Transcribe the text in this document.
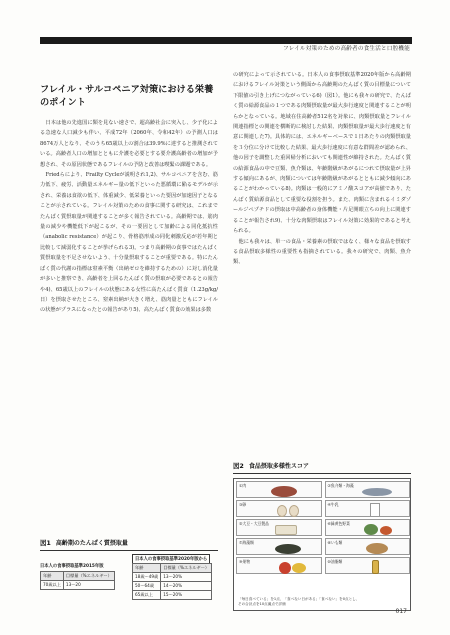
フレイル対策のための高齢者の食生活と口腔機能
フレイル・サルコペニア対策における栄養
のポイント

日本は他の先進国に類を見ない速さで、超高齢社会に突入し、少子化による急速な人口減少も伴い、平成72年（2060年、令和42年）の予測人口は8674万人となり、そのうち65歳以上の割合は39.9%に達すると推測されている。高齢者人口の増加とともに介護を必要とする要介護高齢者の増加が予想され、その原因状態であるフレイルの予防と改善は喫緊の課題である。

Friedらにより、Frailty Cycleが説明され1,2)、サルコペニアを含む、筋力低下、疲労、活動量エネルギー量の低下といった悪循環に陥るモデルが示され、栄養は食欲の低下、体重減少、低栄養といった要因が加速因子となることが示されている。フレイル対策のための食事に関する研究は、これまでたんぱく質摂取量が関連することが多く報告されている。高齢期では、筋肉量の減少や機能低下が起こるが、その一要因として加齢による同化抵抗性（anabolic resistance）が起こり、骨格筋形成の同化刺激反応が若年期と比較して減弱化することが挙げられる3)。つまり高齢期の食事ではたんぱく質摂取量を不足させないよう、十分量摂取することが重要である。特にたんぱく質の代謝の指標は窒素平衡（出納ゼロを維持するための）に対し消化量が多いと推察でき、高齢者を上回るたんぱく質の摂取が必要であるとの報告や4)、65歳以上のフレイルの状態にある女性に高たんぱく質食（1.23g/kg/日）を摂取させたところ、窒素出納が大きく増え、筋肉量とともにフレイルの状態がプラスになったとの報告があり5)、高たんぱく質食の効果は多数

図1 高齢期のたんぱく質摂取量
日本人の食事摂取基準2015年版
年齢	目標量（%エネルギー）
70歳以上	13〜20
日本人の食事摂取基準2020年版から
年齢	目標量（%エネルギー）
18歳〜49歳	13〜20%
50〜64歳	14〜20%
65歳以上	15〜20%

の研究によって示されている。日本人の食事摂取基準2020年版から高齢期におけるフレイル対策という側面から高齢期のたんぱく質の目標量について下限値の引き上げにつながっている6)（図1）。他にも我々の研究で、たんぱく質の給源食品の１つである肉類摂取量が最大歩行速度と関連することが明らかとなっている。地域在住高齢者512名を対象に、肉類摂取量とフレイル関連指標との関連を横断的に検討した結果、肉類摂取量が最大歩行速度と有意に関連した7)。具体的には、エネルギーベースで１日あたりの肉類摂取量を３分位に分けて比較した結果、最大歩行速度に有意な群間差が認められ、他の因子を調整した重回帰分析においても関連性が維持された。たんぱく質の給源食品の中で豆類、魚介類は、年齢階級があがるにつれて摂取量が上昇する傾向にあるが、肉類については年齢階級があがるとともに減少傾向にあることがわかっている8)。肉類は一般的にアミノ酸スコアが高値であり、たんぱく質給源食品として重要な役割を担う。また、肉類に含まれるイミダゾールジペプチドの摂取は中高齢者の身体機能・片足開眼立ちの向上に関連することが報告され9)、十分な肉類摂取はフレイル対策に効果的であると考えられる。

他にも我々は、単一の食品・栄養素の摂取ではなく、様々な食品を摂取する食品摂取多様性の重要性も指摘されている。我々の研究で、肉類、魚介類、

図2 食品摂取多様性スコア
①肉	②魚介類・海藻
③卵	④牛乳
⑤大豆・大豆製品	⑥緑黄色野菜
⑦海藻類	⑧いも類
⑨果物	⑩油脂類
「毎日食べている」を1点、「食べない日がある」「食べない」を0点とし、
その合計点を10点満点で評価
017
